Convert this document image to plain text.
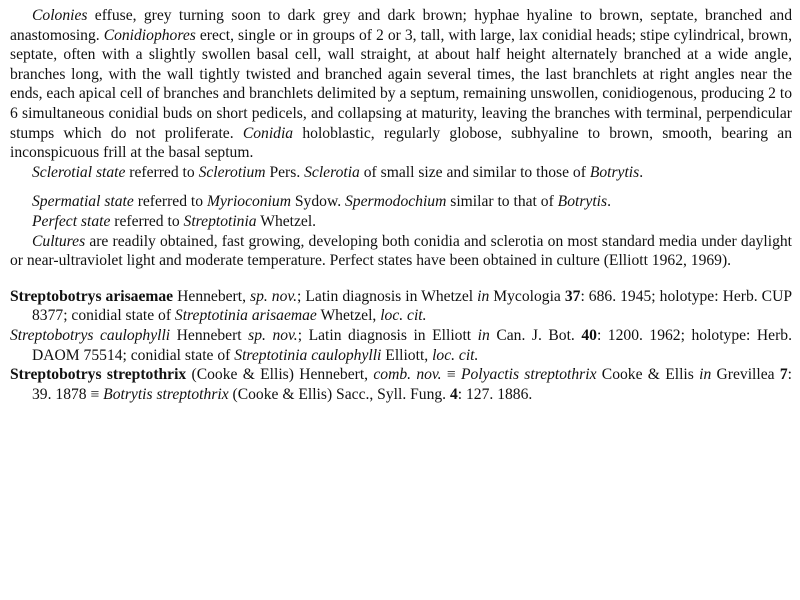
Colonies effuse, grey turning soon to dark grey and dark brown; hyphae hyaline to brown, septate, branched and anastomosing. Conidiophores erect, single or in groups of 2 or 3, tall, with large, lax conidial heads; stipe cylindrical, brown, septate, often with a slightly swollen basal cell, wall straight, at about half height alternately branched at a wide angle, branches long, with the wall tightly twisted and branched again several times, the last branchlets at right angles near the ends, each apical cell of branches and branchlets delimited by a septum, remaining unswollen, conidiogenous, producing 2 to 6 simultaneous conidial buds on short pedicels, and collapsing at maturity, leaving the branches with terminal, perpendicular stumps which do not proliferate. Conidia holoblastic, regularly globose, subhyaline to brown, smooth, bearing an inconspicuous frill at the basal septum.

Sclerotial state referred to Sclerotium Pers. Sclerotia of small size and similar to those of Botrytis.

Spermatial state referred to Myrioconium Sydow. Spermodochium similar to that of Botrytis.

Perfect state referred to Streptotinia Whetzel.

Cultures are readily obtained, fast growing, developing both conidia and sclerotia on most standard media under daylight or near-ultraviolet light and moderate temperature. Perfect states have been obtained in culture (Elliott 1962, 1969).

Streptobotrys arisaemae Hennebert, sp. nov.; Latin diagnosis in Whetzel in Mycologia 37: 686. 1945; holotype: Herb. CUP 8377; conidial state of Streptotinia arisaemae Whetzel, loc. cit.

Streptobotrys caulophylli Hennebert sp. nov.; Latin diagnosis in Elliott in Can. J. Bot. 40: 1200. 1962; holotype: Herb. DAOM 75514; conidial state of Streptotinia caulophylli Elliott, loc. cit.

Streptobotrys streptothrix (Cooke & Ellis) Hennebert, comb. nov. ≡ Polyactis streptothrix Cooke & Ellis in Grevillea 7: 39. 1878 ≡ Botrytis streptothrix (Cooke & Ellis) Sacc., Syll. Fung. 4: 127. 1886.
